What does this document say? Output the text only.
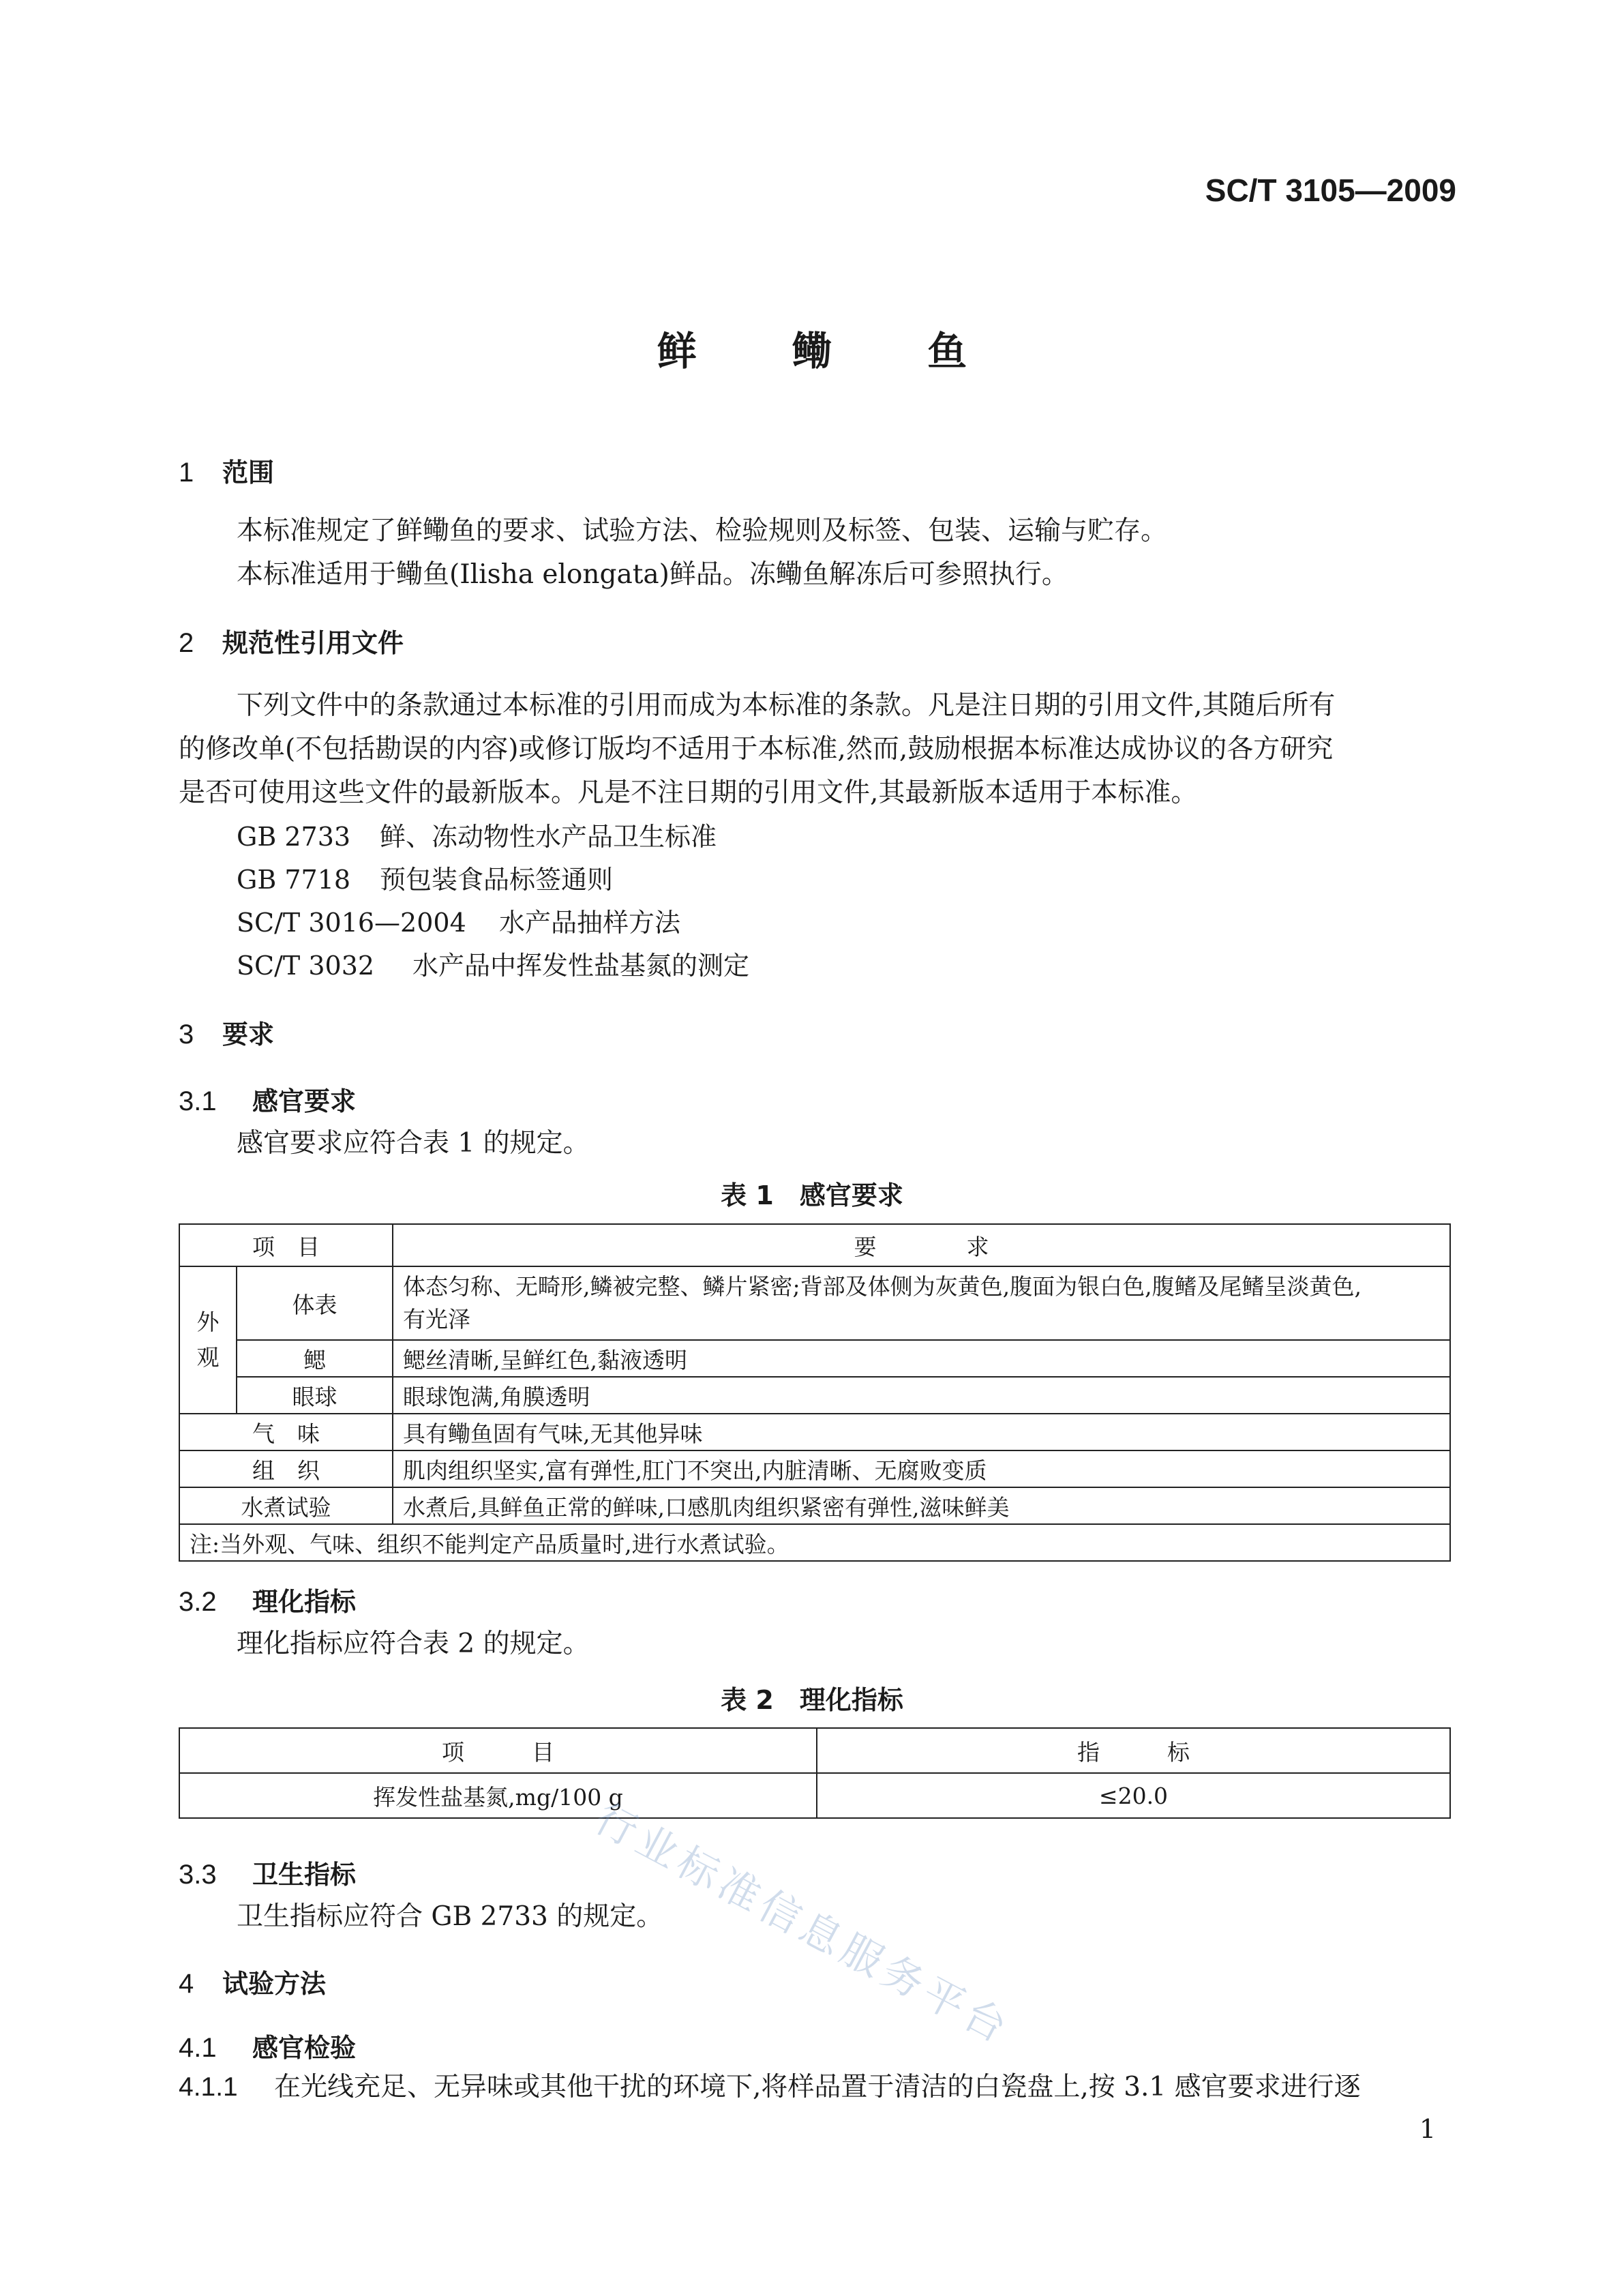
SC/T 3105—2009
鲜 鳓 鱼
1 范围
本标准规定了鲜鳓鱼的要求、试验方法、检验规则及标签、包装、运输与贮存。
本标准适用于鳓鱼(Ilisha elongata)鲜品。冻鳓鱼解冻后可参照执行。
2 规范性引用文件
下列文件中的条款通过本标准的引用而成为本标准的条款。凡是注日期的引用文件,其随后所有
的修改单(不包括勘误的内容)或修订版均不适用于本标准,然而,鼓励根据本标准达成协议的各方研究
是否可使用这些文件的最新版本。凡是不注日期的引用文件,其最新版本适用于本标准。
GB 2733 鲜、冻动物性水产品卫生标准
GB 7718 预包装食品标签通则
SC/T 3016—2004 水产品抽样方法
SC/T 3032 水产品中挥发性盐基氮的测定
3 要求
3.1 感官要求
感官要求应符合表 1 的规定。
表 1　感官要求
项　目		要　　　　求
外观	体表	体态匀称、无畸形,鳞被完整、鳞片紧密;背部及体侧为灰黄色,腹面为银白色,腹鳍及尾鳍呈淡黄色,
有光泽

	鳃	鳃丝清晰,呈鲜红色,黏液透明
	眼球	眼球饱满,角膜透明
气　味		具有鳓鱼固有气味,无其他异味
组　织		肌肉组织坚实,富有弹性,肛门不突出,内脏清晰、无腐败变质
水煮试验		水煮后,具鲜鱼正常的鲜味,口感肌肉组织紧密有弹性,滋味鲜美
注:当外观、气味、组织不能判定产品质量时,进行水煮试验。		
3.2 理化指标
理化指标应符合表 2 的规定。
表 2　理化指标
项　　　目	指　　　标
挥发性盐基氮,mg/100 g	≤20.0
3.3 卫生指标
卫生指标应符合 GB 2733 的规定。
4 试验方法
4.1 感官检验
4.1.1 在光线充足、无异味或其他干扰的环境下,将样品置于清洁的白瓷盘上,按 3.1 感官要求进行逐
1
行业标准信息服务平台
